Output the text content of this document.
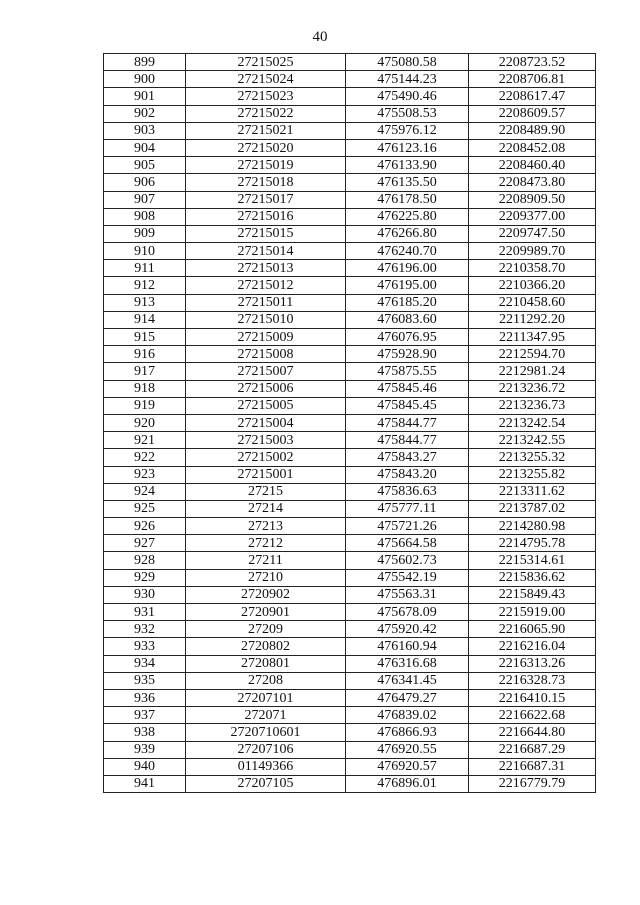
40
899	27215025	475080.58	2208723.52
900	27215024	475144.23	2208706.81
901	27215023	475490.46	2208617.47
902	27215022	475508.53	2208609.57
903	27215021	475976.12	2208489.90
904	27215020	476123.16	2208452.08
905	27215019	476133.90	2208460.40
906	27215018	476135.50	2208473.80
907	27215017	476178.50	2208909.50
908	27215016	476225.80	2209377.00
909	27215015	476266.80	2209747.50
910	27215014	476240.70	2209989.70
911	27215013	476196.00	2210358.70
912	27215012	476195.00	2210366.20
913	27215011	476185.20	2210458.60
914	27215010	476083.60	2211292.20
915	27215009	476076.95	2211347.95
916	27215008	475928.90	2212594.70
917	27215007	475875.55	2212981.24
918	27215006	475845.46	2213236.72
919	27215005	475845.45	2213236.73
920	27215004	475844.77	2213242.54
921	27215003	475844.77	2213242.55
922	27215002	475843.27	2213255.32
923	27215001	475843.20	2213255.82
924	27215	475836.63	2213311.62
925	27214	475777.11	2213787.02
926	27213	475721.26	2214280.98
927	27212	475664.58	2214795.78
928	27211	475602.73	2215314.61
929	27210	475542.19	2215836.62
930	2720902	475563.31	2215849.43
931	2720901	475678.09	2215919.00
932	27209	475920.42	2216065.90
933	2720802	476160.94	2216216.04
934	2720801	476316.68	2216313.26
935	27208	476341.45	2216328.73
936	27207101	476479.27	2216410.15
937	272071	476839.02	2216622.68
938	2720710601	476866.93	2216644.80
939	27207106	476920.55	2216687.29
940	01149366	476920.57	2216687.31
941	27207105	476896.01	2216779.79
